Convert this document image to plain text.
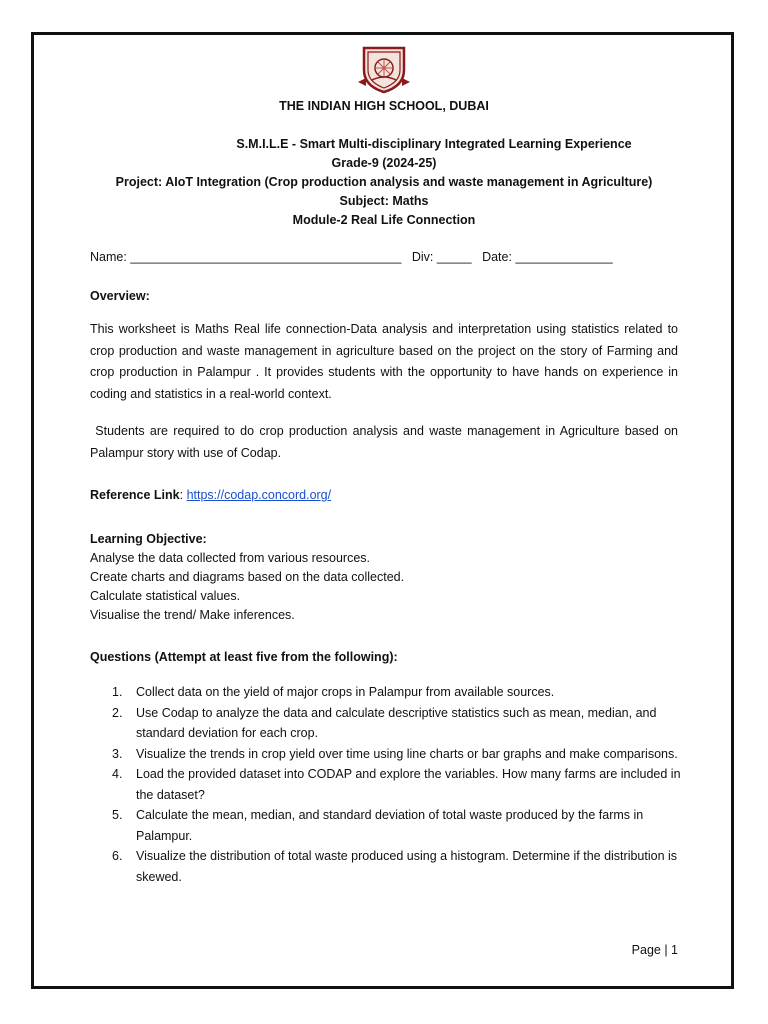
THE INDIAN HIGH SCHOOL, DUBAI
S.M.I.L.E - Smart Multi-disciplinary Integrated Learning Experience
Grade-9 (2024-25)
Project: AIoT Integration (Crop production analysis and waste management in Agriculture)
Subject: Maths
Module-2 Real Life Connection
Name: _______________________________________ Div: _____ Date: ______________
Overview:
This worksheet is Maths Real life connection-Data analysis and interpretation using statistics related to crop production and waste management in agriculture based on the project on the story of Farming and crop production in Palampur . It provides students with the opportunity to have hands on experience in coding and statistics in a real-world context.
Students are required to do crop production analysis and waste management in Agriculture based on Palampur story with use of Codap.
Reference Link: https://codap.concord.org/
Learning Objective:
Analyse the data collected from various resources.
Create charts and diagrams based on the data collected.
Calculate statistical values.
Visualise the trend/ Make inferences.
Questions (Attempt at least five from the following):
1. Collect data on the yield of major crops in Palampur from available sources.
2. Use Codap to analyze the data and calculate descriptive statistics such as mean, median, and standard deviation for each crop.
3. Visualize the trends in crop yield over time using line charts or bar graphs and make comparisons.
4. Load the provided dataset into CODAP and explore the variables. How many farms are included in the dataset?
5. Calculate the mean, median, and standard deviation of total waste produced by the farms in Palampur.
6. Visualize the distribution of total waste produced using a histogram. Determine if the distribution is skewed.
Page | 1
